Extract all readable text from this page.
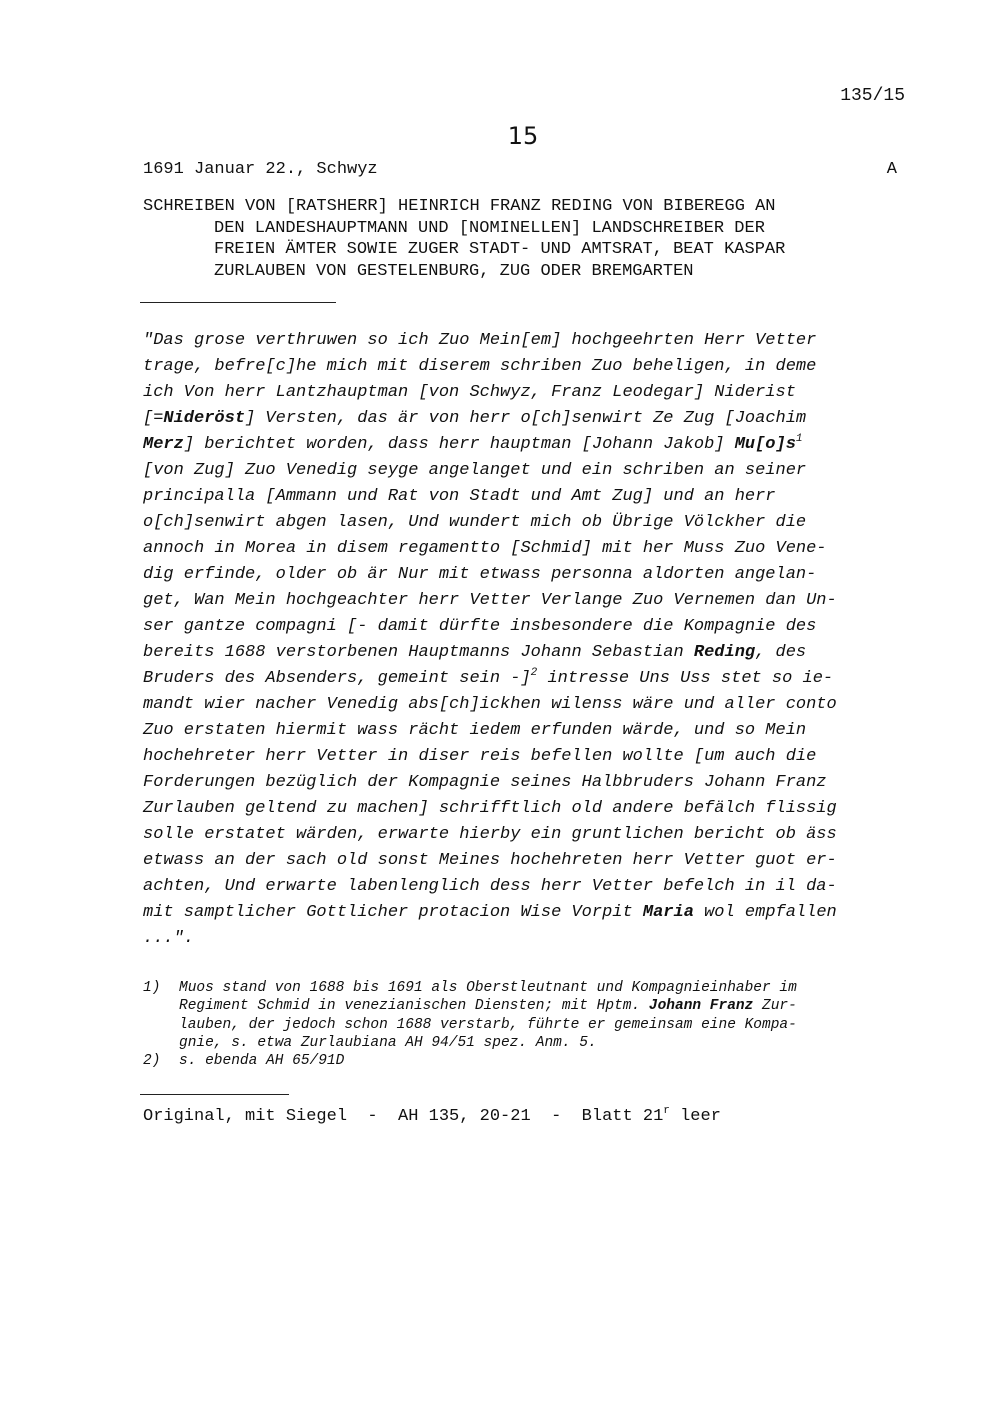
135/15
15
1691 Januar 22., Schwyz	A
SCHREIBEN VON [RATSHERR] HEINRICH FRANZ REDING VON BIBEREGG AN
DEN LANDESHAUPTMANN UND [NOMINELLEN] LANDSCHREIBER DER
FREIEN ÄMTER SOWIE ZUGER STADT- UND AMTSRAT, BEAT KASPAR
ZURLAUBEN VON GESTELENBURG, ZUG ODER BREMGARTEN
"Das grose verthruwen so ich Zuo Mein[em] hochgeehrten Herr Vetter
trage, befre[c]he mich mit diserem schriben Zuo beheligen, in deme
ich Von herr Lantzhauptman [von Schwyz, Franz Leodegar] Niderist
[=Nideröst] Versten, das är von herr o[ch]senwirt Ze Zug [Joachim
Merz] berichtet worden, dass herr hauptman [Johann Jakob] $Mu[o]s^1$
[von Zug] Zuo Venedig seyge angelanget und ein schriben an seiner
principalla [Ammann und Rat von Stadt und Amt Zug] und an herr
o[ch]senwirt abgen lasen, Und wundert mich ob Übrige Völckher die
annoch in Morea in disem regamentto [Schmid] mit her Muss Zuo Vene-
dig erfinde, older ob är Nur mit etwass personna aldorten angelan-
get, Wan Mein hochgeachter herr Vetter Verlange Zuo Vernemen dan Un-
ser gantze compagni [- damit dürfte insbesondere die Kompagnie des
bereits 1688 verstorbenen Hauptmanns Johann Sebastian Reding, des
Bruders des Absenders, gemeint sein -]$^2$ intresse Uns Uss stet so ie-
mandt wier nacher Venedig abs[ch]ickhen wilenss wäre und aller conto
Zuo erstaten hiermit wass rächt iedem erfunden wärde, und so Mein
hochehreter herr Vetter in diser reis befellen wollte [um auch die
Forderungen bezüglich der Kompagnie seines Halbbruders Johann Franz
Zurlauben geltend zu machen] schrifftlich old andere befälch flissig
solle erstatet wärden, erwarte hierby ein gruntlichen bericht ob äss
etwass an der sach old sonst Meines hochehreten herr Vetter guot er-
achten, Und erwarte labenlenglich dess herr Vetter befelch in il da-
mit samptlicher Gottlicher protacion Wise Vorpit Maria wol empfallen
...".
1)	Muos stand von 1688 bis 1691 als Oberstleutnant und Kompagnieinhaber im
Regiment Schmid in venezianischen Diensten; mit Hptm. Johann Franz Zur-
lauben, der jedoch schon 1688 verstarb, führte er gemeinsam eine Kompa-
gnie, s. etwa Zurlaubiana AH 94/51 spez. Anm. 5.
2)	s. ebenda AH 65/91D
Original, mit Siegel  -  AH 135, 20-21  -  Blatt 21$^r$ leer
